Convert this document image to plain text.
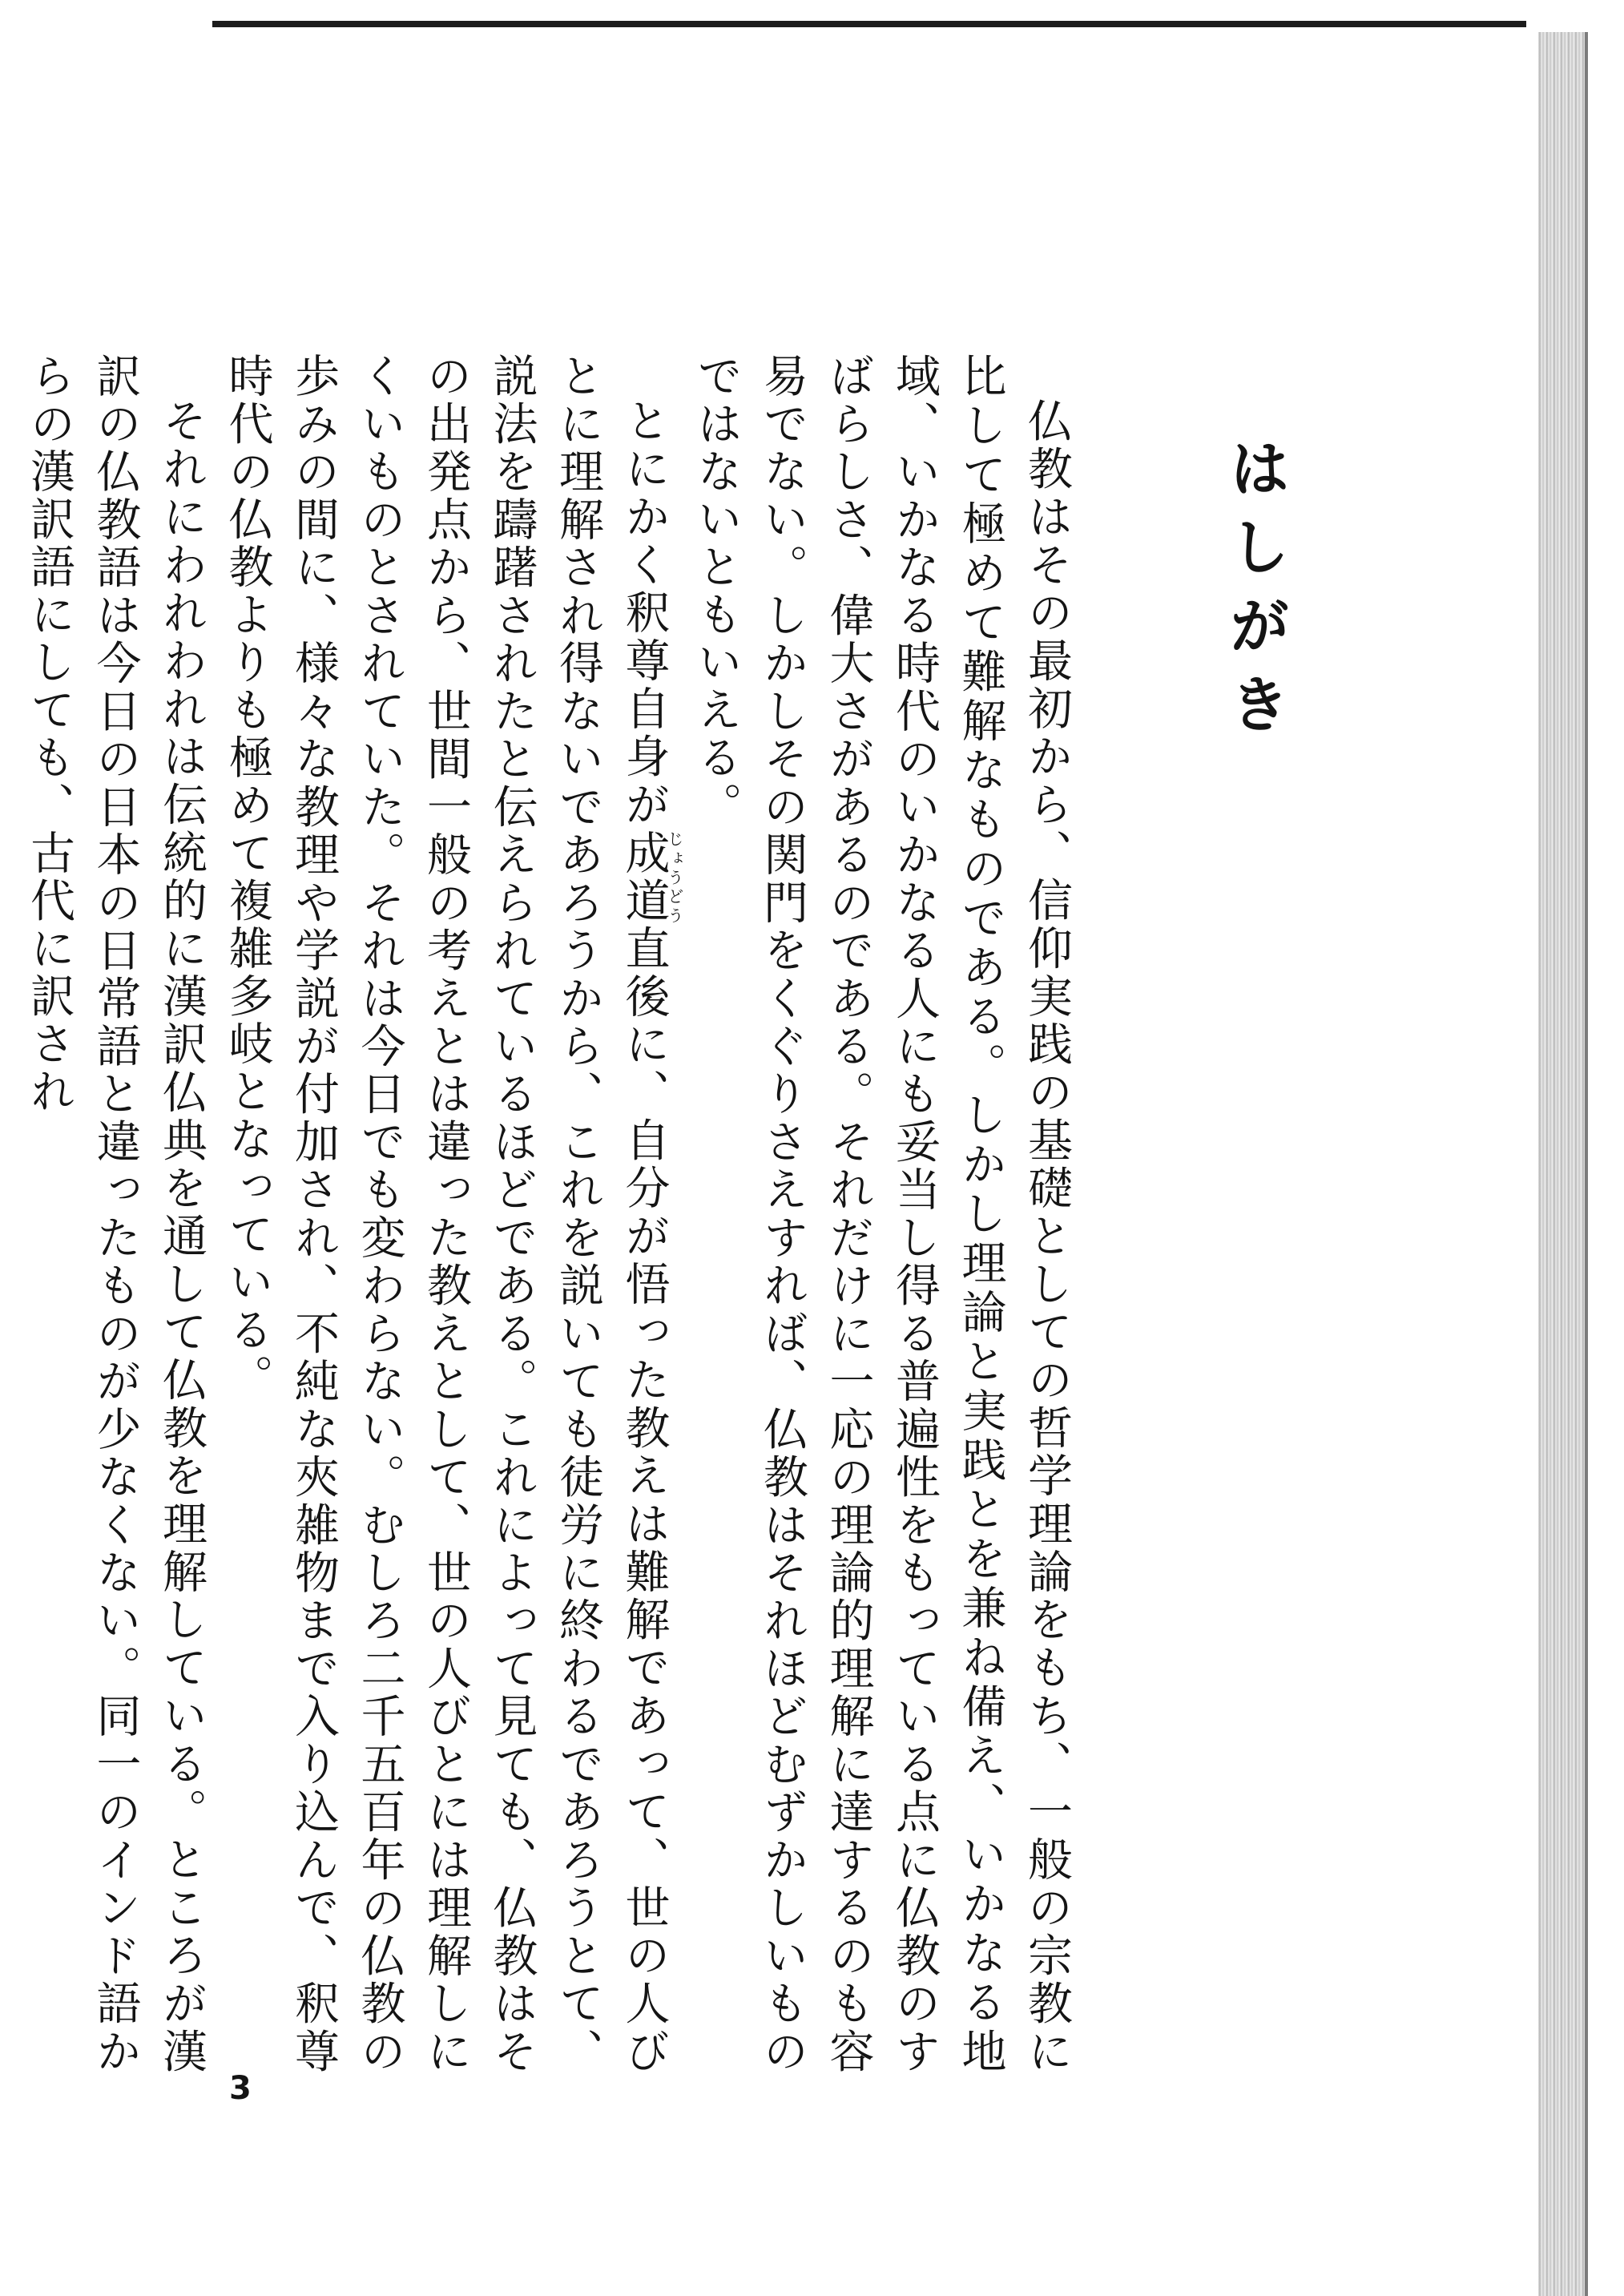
はしがき

仏教はその最初から、信仰実践の基礎としての哲学理論をもち、一般の宗教に比して極めて難解なものである。しかし理論と実践とを兼ね備え、いかなる地域、いかなる時代のいかなる人にも妥当し得る普遍性をもっている点に仏教のすばらしさ、偉大さがあるのである。それだけに一応の理論的理解に達するのも容易でない。しかしその関門をくぐりさえすれば、仏教はそれほどむずかしいものではないともいえる。

とにかく釈尊自身が成道じょうどう直後に、自分が悟った教えは難解であって、世の人びとに理解され得ないであろうから、これを説いても徒労に終わるであろうとて、説法を躊躇されたと伝えられているほどである。これによって見ても、仏教はその出発点から、世間一般の考えとは違った教えとして、世の人びとには理解しにくいものとされていた。それは今日でも変わらない。むしろ二千五百年の仏教の歩みの間に、様々な教理や学説が付加され、不純な夾雑物まで入り込んで、釈尊時代の仏教よりも極めて複雑多岐となっている。

それにわれわれは伝統的に漢訳仏典を通して仏教を理解している。ところが漢訳の仏教語は今日の日本の日常語と違ったものが少なくない。同一のインド語からの漢訳語にしても、古代に訳され

3
